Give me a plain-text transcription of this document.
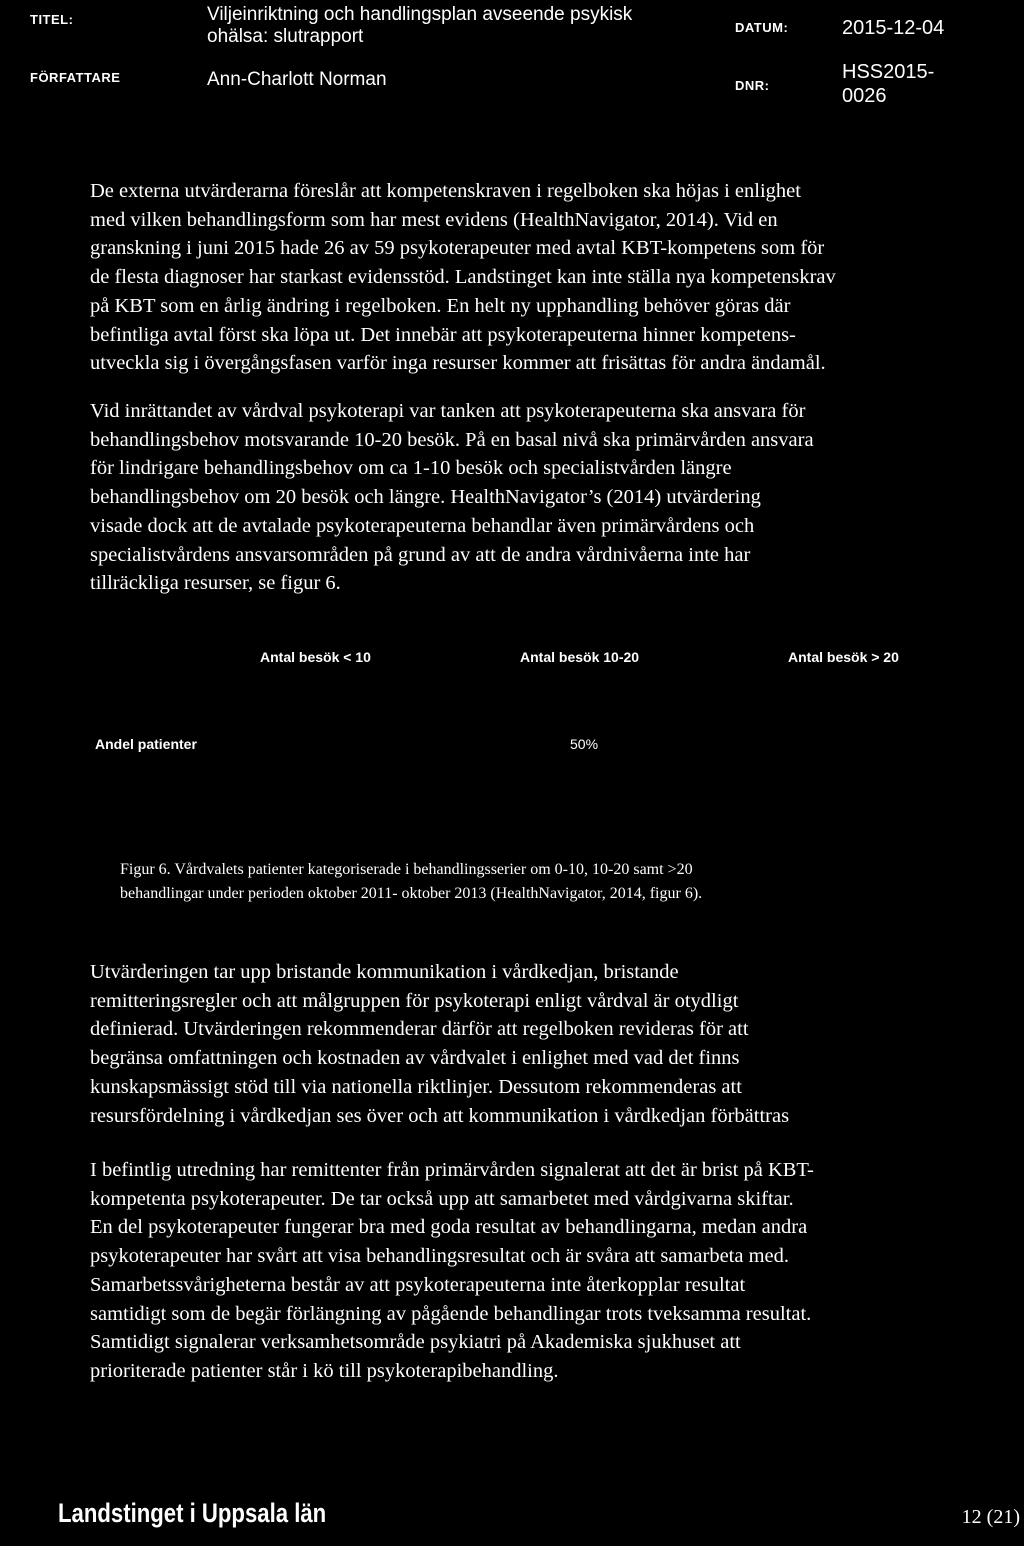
TITEL:	Viljeinriktning och handlingsplan avseende psykisk
ohälsa: slutrapport
FÖRFATTARE	Ann-Charlott Norman
DATUM:	2015-12-04
DNR:
HSS2015-
0026
De externa utvärderarna föreslår att kompetenskraven i regelboken ska höjas i enlighet
med vilken behandlingsform som har mest evidens (HealthNavigator, 2014). Vid en
granskning i juni 2015 hade 26 av 59 psykoterapeuter med avtal KBT-kompetens som för
de flesta diagnoser har starkast evidensstöd. Landstinget kan inte ställa nya kompetenskrav
på KBT som en årlig ändring i regelboken. En helt ny upphandling behöver göras där
befintliga avtal först ska löpa ut. Det innebär att psykoterapeuterna hinner kompetens-
utveckla sig i övergångsfasen varför inga resurser kommer att frisättas för andra ändamål.
Vid inrättandet av vårdval psykoterapi var tanken att psykoterapeuterna ska ansvara för
behandlingsbehov motsvarande 10-20 besök. På en basal nivå ska primärvården ansvara
för lindrigare behandlingsbehov om ca 1-10 besök och specialistvården längre
behandlingsbehov om 20 besök och längre. HealthNavigator’s (2014) utvärdering
visade dock att de avtalade psykoterapeuterna behandlar även primärvårdens och
specialistvårdens ansvarsområden på grund av att de andra vårdnivåerna inte har
tillräckliga resurser, se figur 6.
Antal besök < 10	Antal besök 10-20	Antal besök > 20
Andel patienter	50%
Figur 6. Vårdvalets patienter kategoriserade i behandlingsserier om 0-10, 10-20 samt >20
behandlingar under perioden oktober 2011- oktober 2013 (HealthNavigator, 2014, figur 6).
Utvärderingen tar upp bristande kommunikation i vårdkedjan, bristande
remitteringsregler och att målgruppen för psykoterapi enligt vårdval är otydligt
definierad. Utvärderingen rekommenderar därför att regelboken revideras för att
begränsa omfattningen och kostnaden av vårdvalet i enlighet med vad det finns
kunskapsmässigt stöd till via nationella riktlinjer. Dessutom rekommenderas att
resursfördelning i vårdkedjan ses över och att kommunikation i vårdkedjan förbättras
I befintlig utredning har remittenter från primärvården signalerat att det är brist på KBT-
kompetenta psykoterapeuter. De tar också upp att samarbetet med vårdgivarna skiftar.
En del psykoterapeuter fungerar bra med goda resultat av behandlingarna, medan andra
psykoterapeuter har svårt att visa behandlingsresultat och är svåra att samarbeta med.
Samarbetssvårigheterna består av att psykoterapeuterna inte återkopplar resultat
samtidigt som de begär förlängning av pågående behandlingar trots tveksamma resultat.
Samtidigt signalerar verksamhetsområde psykiatri på Akademiska sjukhuset att
prioriterade patienter står i kö till psykoterapibehandling.
Landstinget i Uppsala län	12 (21)
